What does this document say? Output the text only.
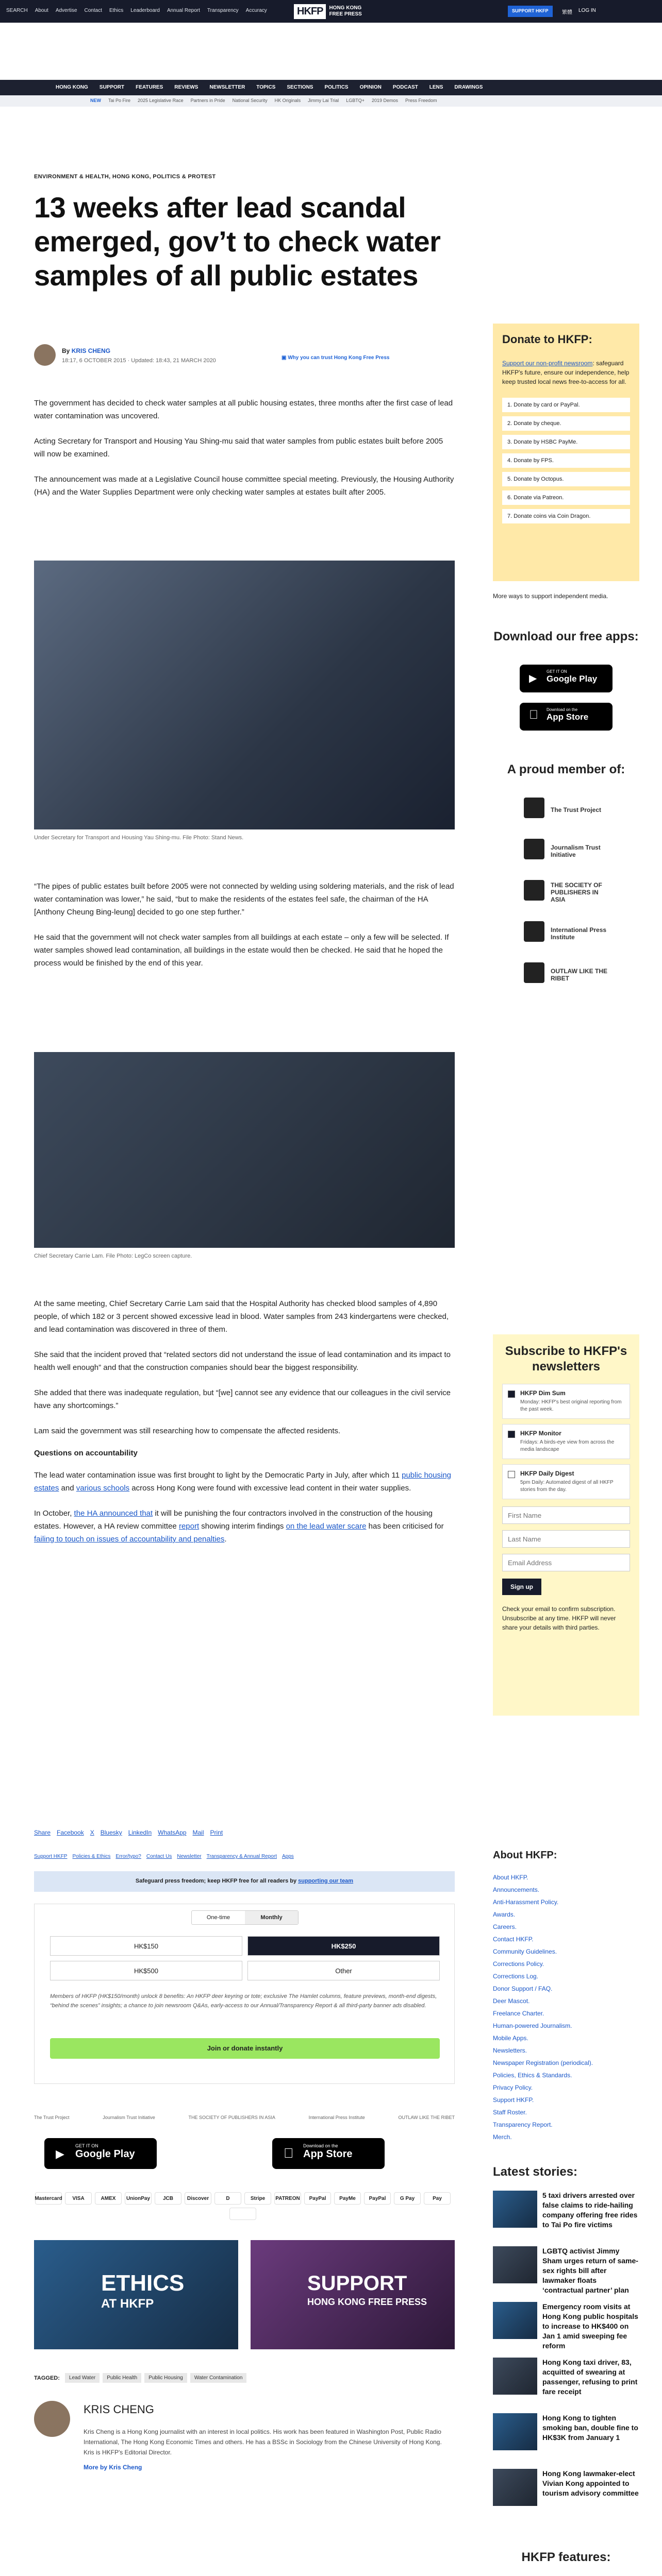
SEARCH About Advertise Contact Ethics Leaderboard Annual Report Transparency Accuracy	HKFP	HONG KONG
FREE PRESS
SUPPORT HKFP	繁體 LOG IN
HONG KONG SUPPORT FEATURES REVIEWS NEWSLETTER TOPICS SECTIONS POLITICS OPINION PODCAST LENS DRAWINGS
NEW Tai Po Fire 2025 Legislative Race Partners in Pride National Security HK Originals Jimmy Lai Trial LGBTQ+ 2019 Demos Press Freedom
ENVIRONMENT & HEALTH, HONG KONG, POLITICS & PROTEST
13 weeks after lead scandal emerged, gov’t to check water samples of all public estates
By KRIS CHENG
18:17, 6 OCTOBER 2015 · Updated: 18:43, 21 MARCH 2020	▣ Why you can trust Hong Kong Free Press

The government has decided to check water samples at all public housing estates, three months after the first case of lead water contamination was uncovered.

Acting Secretary for Transport and Housing Yau Shing-mu said that water samples from public estates built before 2005 will now be examined.

The announcement was made at a Legislative Council house committee special meeting. Previously, the Housing Authority (HA) and the Water Supplies Department were only checking water samples at estates built after 2005.

Under Secretary for Transport and Housing Yau Shing-mu. File Photo: Stand News.

“The pipes of public estates built before 2005 were not connected by welding using soldering materials, and the risk of lead water contamination was lower,” he said, “but to make the residents of the estates feel safe, the chairman of the HA [Anthony Cheung Bing-leung] decided to go one step further.”

He said that the government will not check water samples from all buildings at each estate – only a few will be selected. If water samples showed lead contamination, all buildings in the estate would then be checked. He said that he hoped the process would be finished by the end of this year.

Chief Secretary Carrie Lam. File Photo: LegCo screen capture.

At the same meeting, Chief Secretary Carrie Lam said that the Hospital Authority has checked blood samples of 4,890 people, of which 182 or 3 percent showed excessive lead in blood. Water samples from 243 kindergartens were checked, and lead contamination was discovered in three of them.

She said that the incident proved that “related sectors did not understand the issue of lead contamination and its impact to health well enough” and that the construction companies should bear the biggest responsibility.

She added that there was inadequate regulation, but “[we] cannot see any evidence that our colleagues in the civil service have any shortcomings.”

Lam said the government was still researching how to compensate the affected residents.

Questions on accountability

The lead water contamination issue was first brought to light by the Democratic Party in July, after which 11 public housing estates and various schools across Hong Kong were found with excessive lead content in their water supplies.

In October, the HA announced that it will be punishing the four contractors involved in the construction of the housing estates. However, a HA review committee report showing interim findings on the lead water scare has been criticised for failing to touch on issues of accountability and penalties.

Share Facebook X Bluesky LinkedIn WhatsApp Mail Print
Support HKFP Policies & Ethics Error/typo? Contact Us Newsletter Transparency & Annual Report Apps
Safeguard press freedom; keep HKFP free for all readers by supporting our team
One-time	Monthly
HK$150	HK$250
HK$500	Other
Members of HKFP (HK$150/month) unlock 8 benefits: An HKFP deer keyring or tote; exclusive The Hamlet columns, feature previews, month-end digests, “behind the scenes” insights; a chance to join newsroom Q&As, early-access to our Annual/Transparency Report & all third-party banner ads disabled.
Join or donate instantly
The Trust Project	Journalism Trust Initiative	THE SOCIETY OF PUBLISHERS IN ASIA	International Press Institute	OUTLAW LIKE THE RIBET
▶
GET IT ON
Google Play
Download on the
App Store
Mastercard	VISA	AMEX	UnionPay	JCB	Discover	D	Stripe	PATREON	PayPal	PayMe	PayPal	G Pay	Pay
ETHICS
AT HKFP
SUPPORT
HONG KONG FREE PRESS
TAGGED:	Lead Water	Public Health	Public Housing	Water Contamination
KRIS CHENG
Kris Cheng is a Hong Kong journalist with an interest in local politics. His work has been featured in Washington Post, Public Radio International, The Hong Kong Economic Times and others. He has a BSSc in Sociology from the Chinese University of Hong Kong. Kris is HKFP's Editorial Director.
More by Kris Cheng
Donate to HKFP:
Support our non-profit newsroom: safeguard HKFP's future, ensure our independence, help keep trusted local news free-to-access for all.
1. Donate by card or PayPal.
2. Donate by cheque.
3. Donate by HSBC PayMe.
4. Donate by FPS.
5. Donate by Octopus.
6. Donate via Patreon.
7. Donate coins via Coin Dragon.
More ways to support independent media.
Download our free apps:
▶
GET IT ON
Google Play
Download on the
App Store
A proud member of:
The Trust Project
Journalism Trust Initiative
THE SOCIETY OF PUBLISHERS IN ASIA
International Press Institute
OUTLAW LIKE THE RIBET
Subscribe to HKFP's newsletters
HKFP Dim Sum
Monday: HKFP's best original reporting from the past week.
HKFP Monitor
Fridays: A birds-eye view from across the media landscape
HKFP Daily Digest
5pm Daily: Automated digest of all HKFP stories from the day.
First Name
Last Name
Email Address
Sign up
Check your email to confirm subscription. Unsubscribe at any time. HKFP will never share your details with third parties.
About HKFP:
About HKFP.
Announcements.
Anti-Harassment Policy.
Awards.
Careers.
Contact HKFP.
Community Guidelines.
Corrections Policy.
Corrections Log.
Donor Support / FAQ.
Deer Mascot.
Freelance Charter.
Human-powered Journalism.
Mobile Apps.
Newsletters.
Newspaper Registration (periodical).
Policies, Ethics & Standards.
Privacy Policy.
Support HKFP.
Staff Roster.
Transparency Report.
Merch.
Latest stories:
5 taxi drivers arrested over false claims to ride-hailing company offering free rides to Tai Po fire victims
LGBTQ activist Jimmy Sham urges return of same-sex rights bill after lawmaker floats ‘contractual partner’ plan
Emergency room visits at Hong Kong public hospitals to increase to HK$400 on Jan 1 amid sweeping fee reform
Hong Kong taxi driver, 83, acquitted of swearing at passenger, refusing to print fare receipt
Hong Kong to tighten smoking ban, double fine to HK$3K from January 1
Hong Kong lawmaker-elect Vivian Kong appointed to tourism advisory committee
HKFP features:
